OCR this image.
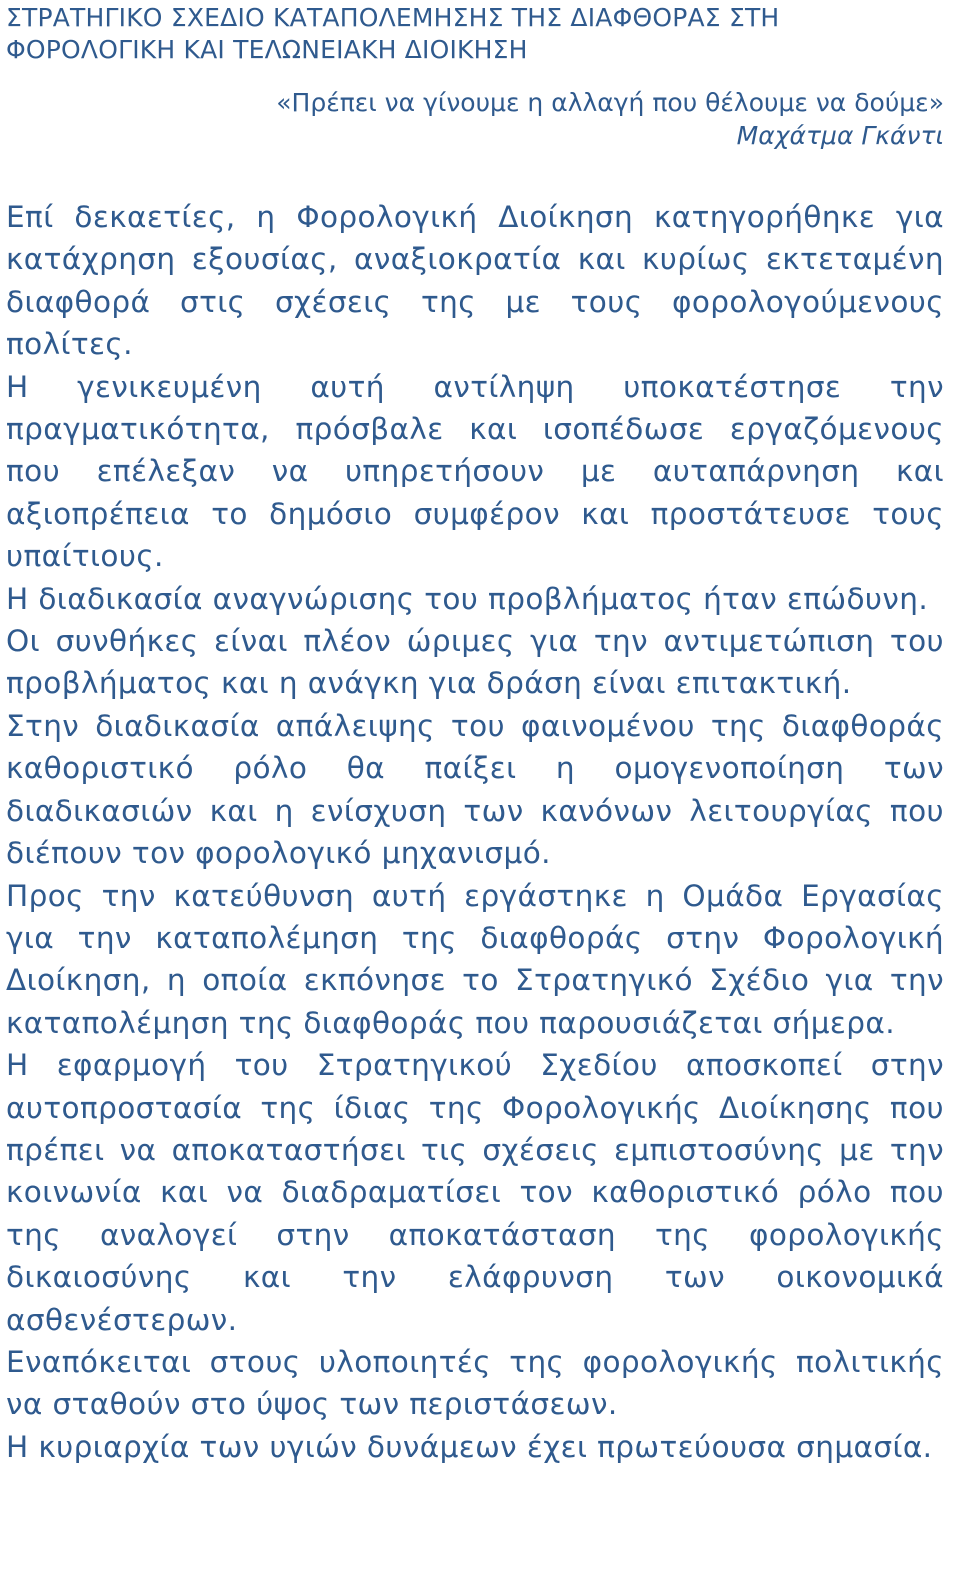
ΣΤΡΑΤΗΓΙΚΟ ΣΧΕΔΙΟ ΚΑΤΑΠΟΛΕΜΗΣΗΣ ΤΗΣ ΔΙΑΦΘΟΡΑΣ ΣΤΗ ΦΟΡΟΛΟΓΙΚΗ ΚΑΙ ΤΕΛΩΝΕΙΑΚΗ ΔΙΟΙΚΗΣΗ
«Πρέπει να γίνουμε η αλλαγή που θέλουμε να δούμε»
Μαχάτμα Γκάντι

Επί δεκαετίες, η Φορολογική Διοίκηση κατηγορήθηκε για κατάχρηση εξουσίας, αναξιοκρατία και κυρίως εκτεταμένη διαφθορά στις σχέσεις της με τους φορολογούμενους πολίτες.

Η γενικευμένη αυτή αντίληψη υποκατέστησε την πραγματικότητα, πρόσβαλε και ισοπέδωσε εργαζόμενους που επέλεξαν να υπηρετήσουν με αυταπάρνηση και αξιοπρέπεια το δημόσιο συμφέρον και προστάτευσε τους υπαίτιους.

Η διαδικασία αναγνώρισης του προβλήματος ήταν επώδυνη.

Οι συνθήκες είναι πλέον ώριμες για την αντιμετώπιση του προβλήματος και η ανάγκη για δράση είναι επιτακτική.

Στην διαδικασία απάλειψης του φαινομένου της διαφθοράς καθοριστικό ρόλο θα παίξει η ομογενοποίηση των διαδικασιών και η ενίσχυση των κανόνων λειτουργίας που διέπουν τον φορολογικό μηχανισμό.

Προς την κατεύθυνση αυτή εργάστηκε η Ομάδα Εργασίας για την καταπολέμηση της διαφθοράς στην Φορολογική Διοίκηση, η οποία εκπόνησε το Στρατηγικό Σχέδιο για την καταπολέμηση της διαφθοράς που παρουσιάζεται σήμερα.

Η εφαρμογή του Στρατηγικού Σχεδίου αποσκοπεί στην αυτοπροστασία της ίδιας της Φορολογικής Διοίκησης που πρέπει να αποκαταστήσει τις σχέσεις εμπιστοσύνης με την κοινωνία και να διαδραματίσει τον καθοριστικό ρόλο που της αναλογεί στην αποκατάσταση της φορολογικής δικαιοσύνης και την ελάφρυνση των οικονομικά ασθενέστερων.

Εναπόκειται στους υλοποιητές της φορολογικής πολιτικής να σταθούν στο ύψος των περιστάσεων.

Η κυριαρχία των υγιών δυνάμεων έχει πρωτεύουσα σημασία.
